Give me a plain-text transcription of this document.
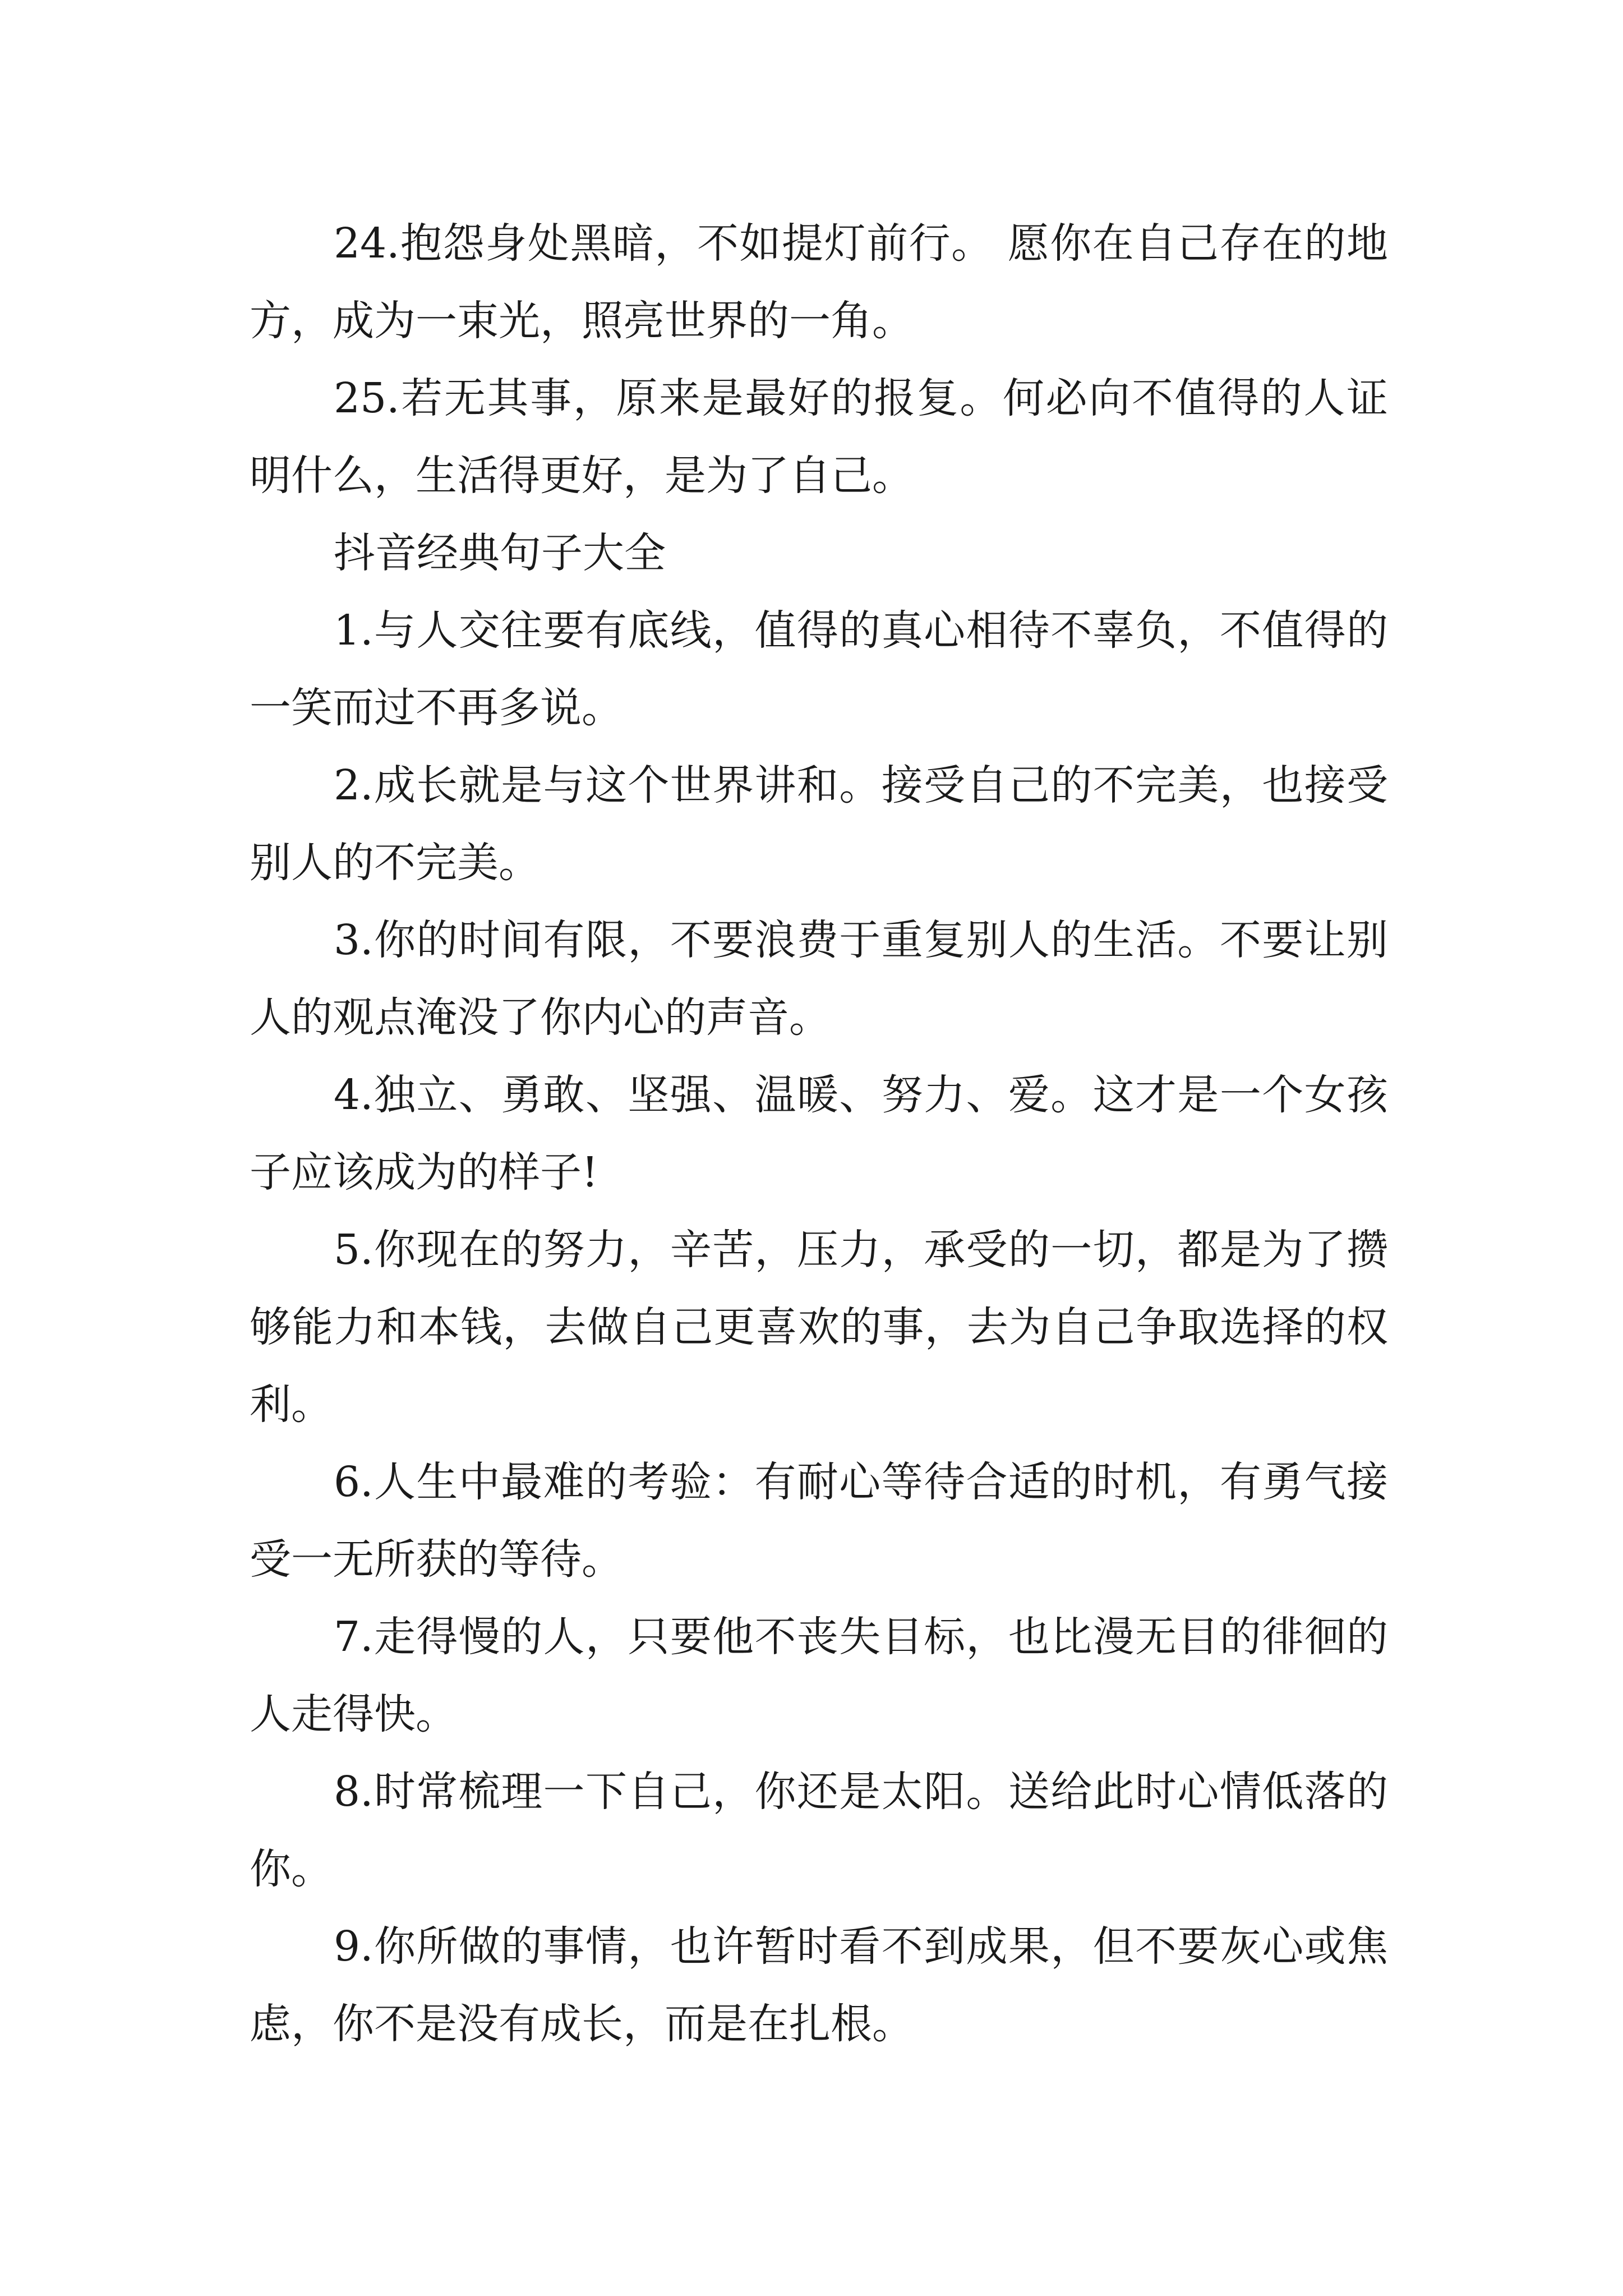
24.抱怨身处黑暗，不如提灯前行。 愿你在自己存在的地方，成为一束光，照亮世界的一角。

25.若无其事，原来是最好的报复。何必向不值得的人证明什么，生活得更好，是为了自己。

抖音经典句子大全

1.与人交往要有底线，值得的真心相待不辜负，不值得的一笑而过不再多说。

2.成长就是与这个世界讲和。接受自己的不完美，也接受别人的不完美。

3.你的时间有限，不要浪费于重复别人的生活。不要让别人的观点淹没了你内心的声音。

4.独立、勇敢、坚强、温暖、努力、爱。这才是一个女孩子应该成为的样子!

5.你现在的努力，辛苦，压力，承受的一切，都是为了攒够能力和本钱，去做自己更喜欢的事，去为自己争取选择的权利。

6.人生中最难的考验：有耐心等待合适的时机，有勇气接受一无所获的等待。

7.走得慢的人，只要他不丧失目标，也比漫无目的徘徊的人走得快。

8.时常梳理一下自己，你还是太阳。送给此时心情低落的你。

9.你所做的事情，也许暂时看不到成果，但不要灰心或焦虑，你不是没有成长，而是在扎根。
